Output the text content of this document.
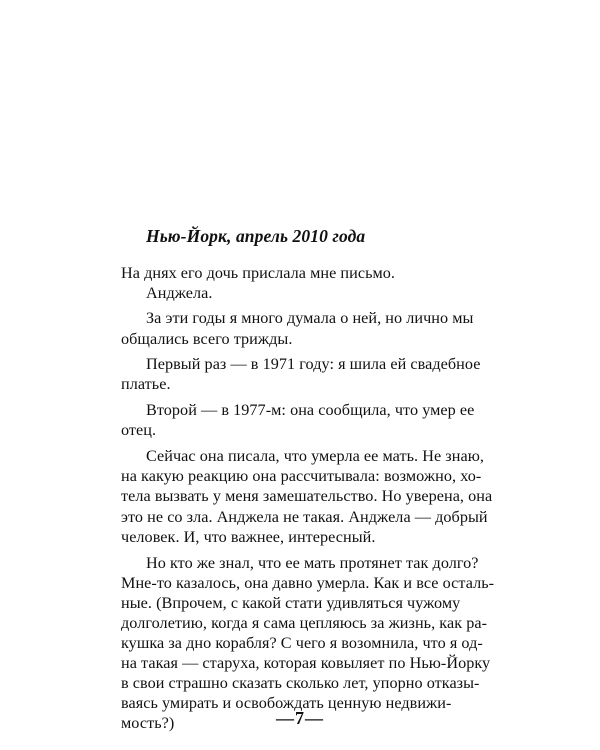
Нью-Йорк, апрель 2010 года
На днях его дочь прислала мне письмо.
Анджела.
За эти годы я много думала о ней, но лично мы
общались всего трижды.
Первый раз — в 1971 году: я шила ей свадебное
платье.
Второй — в 1977-м: она сообщила, что умер ее
отец.
Сейчас она писала, что умерла ее мать. Не знаю,
на какую реакцию она рассчитывала: возможно, хо-
тела вызвать у меня замешательство. Но уверена, она
это не со зла. Анджела не такая. Анджела — добрый
человек. И, что важнее, интересный.
Но кто же знал, что ее мать протянет так долго?
Мне-то казалось, она давно умерла. Как и все осталь-
ные. (Впрочем, с какой стати удивляться чужому
долголетию, когда я сама цепляюсь за жизнь, как ра-
кушка за дно корабля? С чего я возомнила, что я од-
на такая — старуха, которая ковыляет по Нью-Йорку
в свои страшно сказать сколько лет, упорно отказы-
ваясь умирать и освобождать ценную недвижи-
мость?)	—7—
